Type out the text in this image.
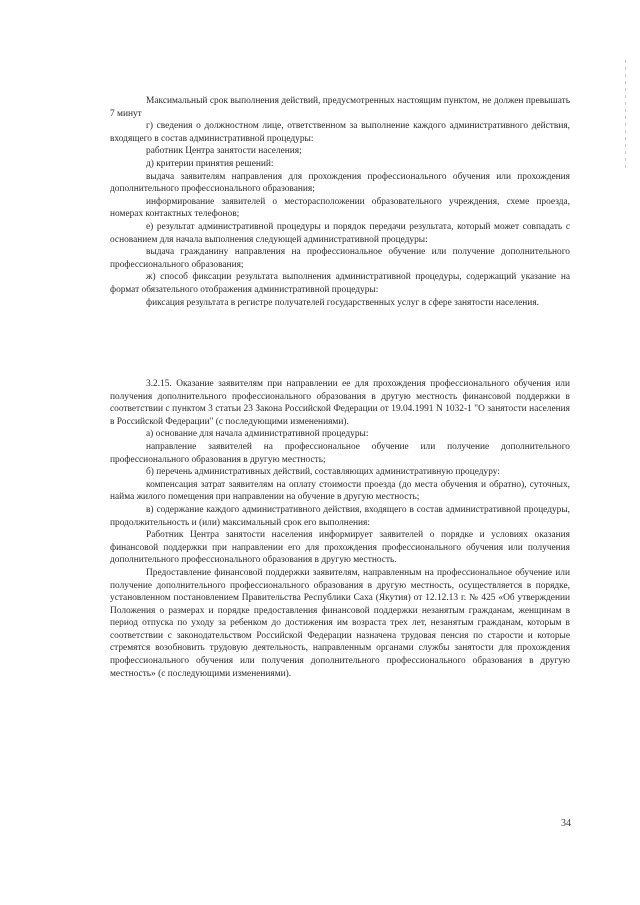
Максимальный срок выполнения действий, предусмотренных настоящим пунктом, не должен превышать 7 минут

г) сведения о должностном лице, ответственном за выполнение каждого административного действия, входящего в состав административной процедуры:

работник Центра занятости населения;

д) критерии принятия решений:

выдача заявителям направления для прохождения профессионального обучения или прохождения дополнительного профессионального образования;

информирование заявителей о месторасположении образовательного учреждения, схеме проезда, номерах контактных телефонов;

е) результат административной процедуры и порядок передачи результата, который может совпадать с основанием для начала выполнения следующей административной процедуры:

выдача гражданину направления на профессиональное обучение или получение дополнительного профессионального образования;

ж) способ фиксации результата выполнения административной процедуры, содержащий указание на формат обязательного отображения административной процедуры:

фиксация результата в регистре получателей государственных услуг в сфере занятости населения.

3.2.15. Оказание заявителям при направлении ее для прохождения профессионального обучения или получения дополнительного профессионального образования в другую местность финансовой поддержки в соответствии с пунктом 3 статьи 23 Закона Российской Федерации от 19.04.1991 N 1032-1 "О занятости населения в Российской Федерации" (с последующими изменениями).

а) основание для начала административной процедуры:

направление заявителей на профессиональное обучение или получение дополнительного профессионального образования в другую местность;

б) перечень административных действий, составляющих административную процедуру:

компенсация затрат заявителям на оплату стоимости проезда (до места обучения и обратно), суточных, найма жилого помещения при направлении на обучение в другую местность;

в) содержание каждого административного действия, входящего в состав административной процедуры, продолжительность и (или) максимальный срок его выполнения:

Работник Центра занятости населения информирует заявителей о порядке и условиях оказания финансовой поддержки при направлении его для прохождения профессионального обучения или получения дополнительного профессионального образования в другую местность.

Предоставление финансовой поддержки заявителям, направленным на профессиональное обучение или получение дополнительного профессионального образования в другую местность, осуществляется в порядке, установленном постановлением Правительства Республики Саха (Якутия) от 12.12.13 г. № 425 «Об утверждении Положения о размерах и порядке предоставления финансовой поддержки незанятым гражданам, женщинам в период отпуска по уходу за ребенком до достижения им возраста трех лет, незанятым гражданам, которым в соответствии с законодательством Российской Федерации назначена трудовая пенсия по старости и которые стремятся возобновить трудовую деятельность, направленным органами службы занятости для прохождения профессионального обучения или получения дополнительного профессионального образования в другую местность» (с последующими изменениями).

34
